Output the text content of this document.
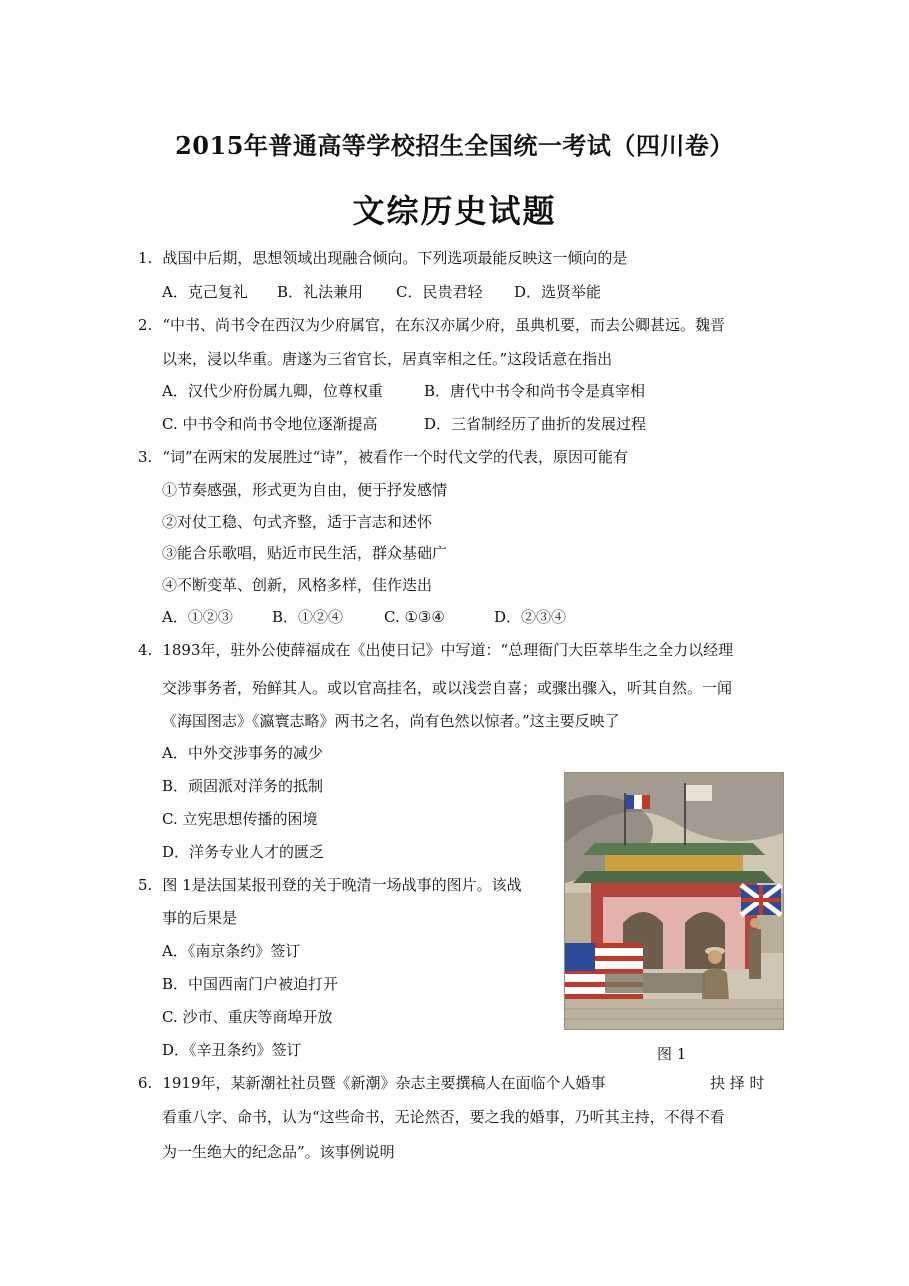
2015年普通高等学校招生全国统一考试（四川卷）
文综历史试题
1. 战国中后期，思想领域出现融合倾向。下列选项最能反映这一倾向的是
A．克己复礼 B．礼法兼用 C．民贵君轻 D．选贤举能
2. “中书、尚书令在西汉为少府属官，在东汉亦属少府，虽典机要，而去公卿甚远。魏晋
以来，浸以华重。唐遂为三省官长，居真宰相之任。”这段话意在指出
A．汉代少府份属九卿，位尊权重	B．唐代中书令和尚书令是真宰相
C. 中书令和尚书令地位逐渐提高	D．三省制经历了曲折的发展过程
3. “词”在两宋的发展胜过“诗”，被看作一个时代文学的代表，原因可能有
①节奏感强，形式更为自由，便于抒发感情
②对仗工稳、句式齐整，适于言志和述怀
③能合乐歌唱，贴近市民生活，群众基础广
④不断变革、创新，风格多样，佳作迭出
A．①②③	B．①②④	C. ①③④	D．②③④
4. 1893年，驻外公使薛福成在《出使日记》中写道：“总理衙门大臣萃毕生之全力以经理
交涉事务者，殆鲜其人。或以官高挂名，或以浅尝自喜；或骤出骤入，听其自然。一闻
《海国图志》《瀛寰志略》两书之名，尚有色然以惊者。”这主要反映了
A．中外交涉事务的减少
B．顽固派对洋务的抵制
C. 立宪思想传播的困境
D．洋务专业人才的匮乏
5. 图 1是法国某报刊登的关于晚清一场战事的图片。该战
事的后果是
A．《南京条约》签订
B．中国西南门户被迫打开
C. 沙市、重庆等商埠开放
D．《辛丑条约》签订	图 1
6. 1919年，某新潮社社员暨《新潮》杂志主要撰稿人在面临个人婚事	抉 择 时
看重八字、命书，认为“这些命书，无论然否，要之我的婚事，乃听其主持，不得不看
为一生绝大的纪念品”。该事例说明
